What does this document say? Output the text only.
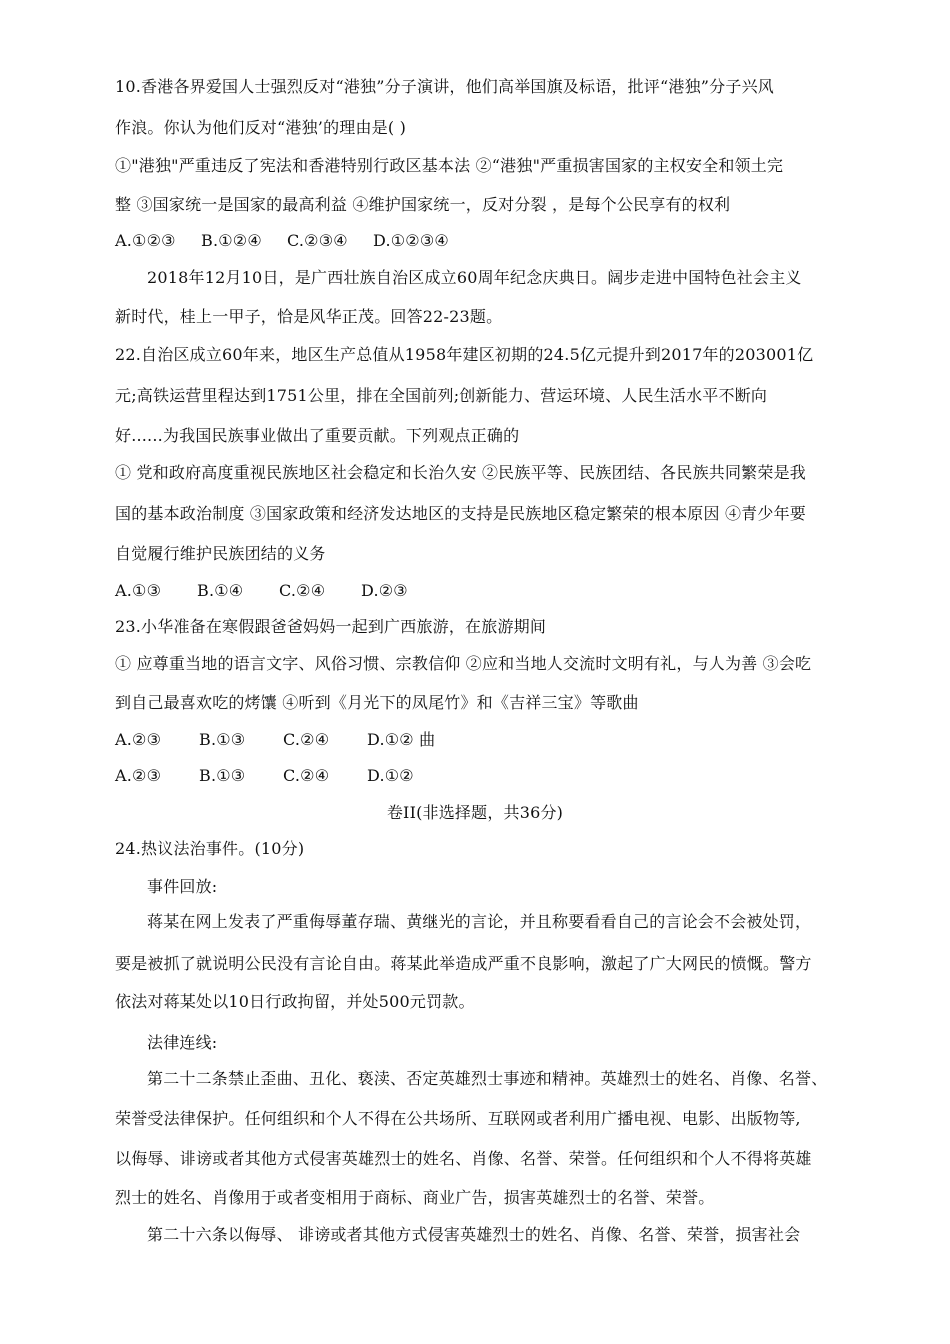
10.香港各界爱国人士强烈反对“港独”分子演讲，他们高举国旗及标语，批评“港独”分子兴风
作浪。你认为他们反对“港独’的理由是( )
①"港独"严重违反了宪法和香港特别行政区基本法 ②“港独"严重损害国家的主权安全和领土完
整 ③国家统一是国家的最高利益 ④维护国家统一，反对分裂 ，是每个公民享有的权利
A.①②③ B.①②④ C.②③④ D.①②③④
2018年12月10日，是广西壮族自治区成立60周年纪念庆典日。阔步走进中国特色社会主义
新时代，桂上一甲子，恰是风华正茂。回答22-23题。
22.自治区成立60年来，地区生产总值从1958年建区初期的24.5亿元提升到2017年的203001亿
元;高铁运营里程达到1751公里，排在全国前列;创新能力、营运环境、人民生活水平不断向
好......为我国民族事业做出了重要贡献。下列观点正确的
① 党和政府高度重视民族地区社会稳定和长治久安 ②民族平等、民族团结、各民族共同繁荣是我
国的基本政治制度 ③国家政策和经济发达地区的支持是民族地区稳定繁荣的根本原因 ④青少年要
自觉履行维护民族团结的义务
A.①③ B.①④ C.②④ D.②③
23.小华准备在寒假跟爸爸妈妈一起到广西旅游，在旅游期间
① 应尊重当地的语言文字、风俗习惯、宗教信仰 ②应和当地人交流时文明有礼，与人为善 ③会吃
到自己最喜欢吃的烤馕 ④听到《月光下的凤尾竹》和《吉祥三宝》等歌曲
A.②③ B.①③ C.②④ D.①② 曲
A.②③ B.①③ C.②④ D.①②
卷II(非选择题，共36分)
24.热议法治事件。(10分)
事件回放:
蒋某在网上发表了严重侮辱董存瑞、黄继光的言论，并且称要看看自己的言论会不会被处罚，
要是被抓了就说明公民没有言论自由。蒋某此举造成严重不良影响，激起了广大网民的愤慨。警方
依法对蒋某处以10日行政拘留，并处500元罚款。
法律连线:
第二十二条禁止歪曲、丑化、亵渎、否定英雄烈士事迹和精神。英雄烈士的姓名、肖像、名誉、
荣誉受法律保护。任何组织和个人不得在公共场所、互联网或者利用广播电视、电影、出版物等,
以侮辱、诽谤或者其他方式侵害英雄烈士的姓名、肖像、名誉、荣誉。任何组织和个人不得将英雄
烈士的姓名、肖像用于或者变相用于商标、商业广告，损害英雄烈士的名誉、荣誉。
第二十六条以侮辱、 诽谤或者其他方式侵害英雄烈士的姓名、肖像、名誉、荣誉，损害社会
